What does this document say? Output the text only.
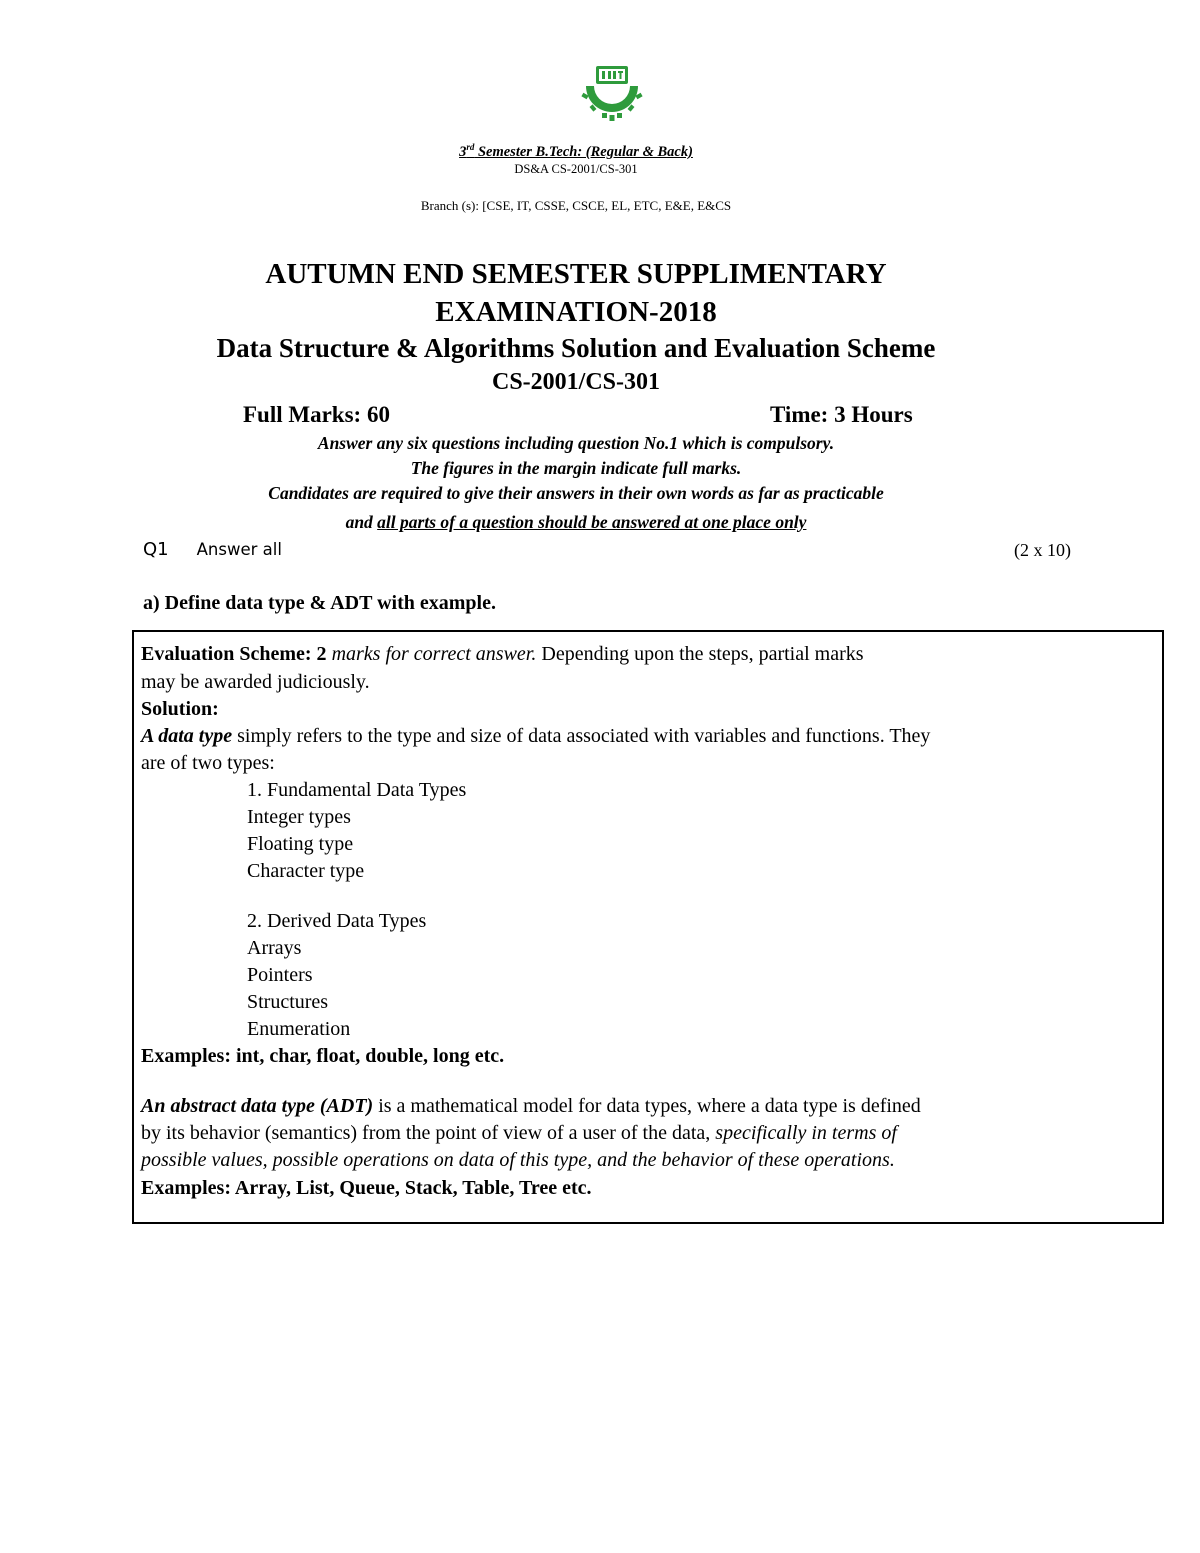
3rd Semester B.Tech: (Regular & Back)
DS&A CS-2001/CS-301
Branch (s): [CSE, IT, CSSE, CSCE, EL, ETC, E&E, E&CS
AUTUMN END SEMESTER SUPPLIMENTARY
EXAMINATION-2018
Data Structure & Algorithms Solution and Evaluation Scheme
CS-2001/CS-301
Full Marks: 60	Time: 3 Hours
Answer any six questions including question No.1 which is compulsory.
The figures in the margin indicate full marks.
Candidates are required to give their answers in their own words as far as practicable
and all parts of a question should be answered at one place only
Q1 Answer all	(2 x 10)
a) Define data type & ADT with example.
Evaluation Scheme: 2 marks for correct answer. Depending upon the steps, partial marks
may be awarded judiciously.
Solution:
A data type simply refers to the type and size of data associated with variables and functions. They
are of two types:
1. Fundamental Data Types
Integer types
Floating type
Character type
2. Derived Data Types
Arrays
Pointers
Structures
Enumeration
Examples: int, char, float, double, long etc.
An abstract data type (ADT) is a mathematical model for data types, where a data type is defined
by its behavior (semantics) from the point of view of a user of the data, specifically in terms of
possible values, possible operations on data of this type, and the behavior of these operations.
Examples: Array, List, Queue, Stack, Table, Tree etc.
